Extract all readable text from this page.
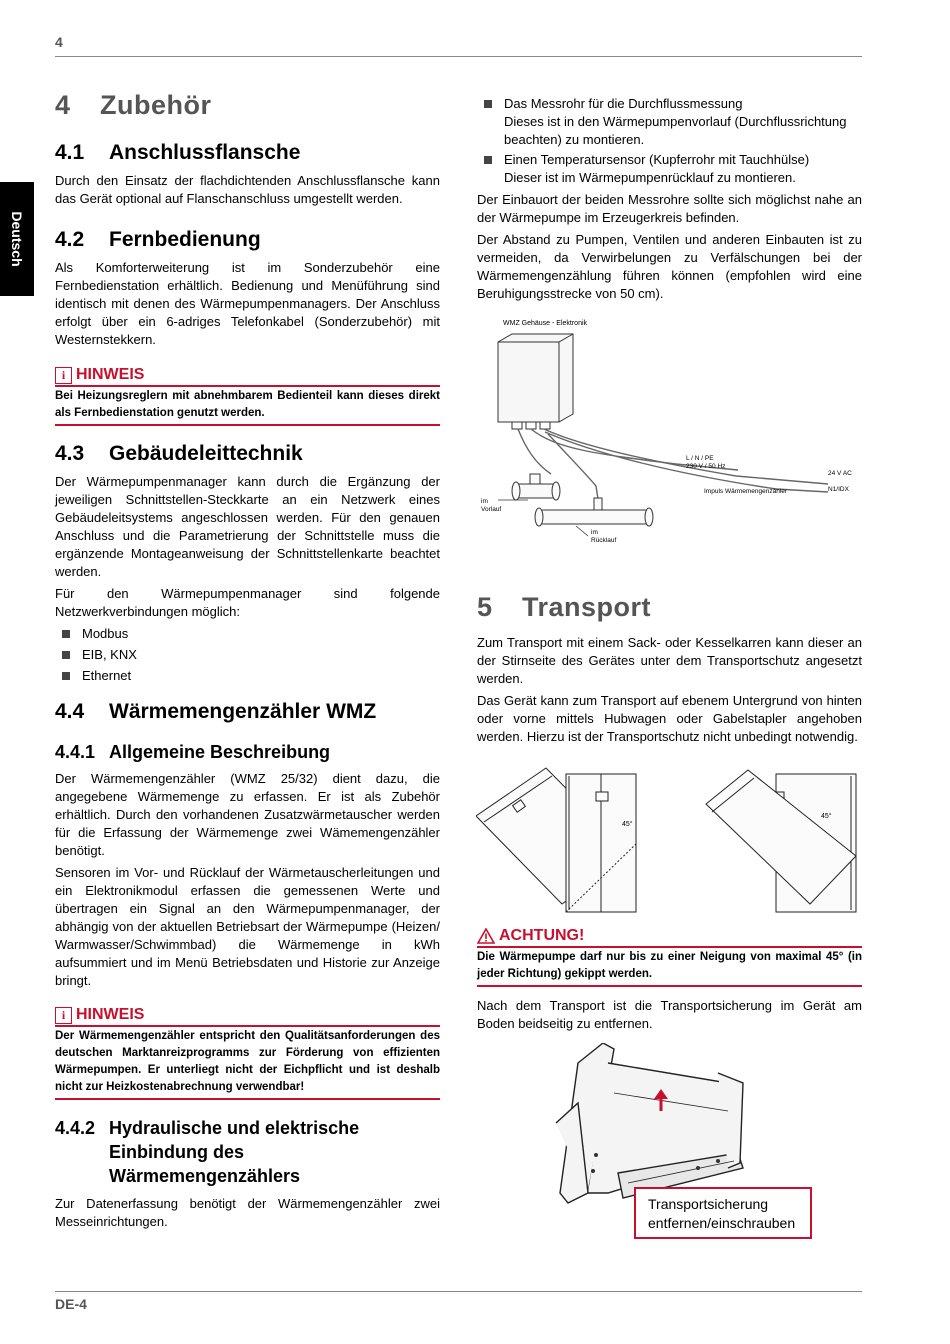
4
Deutsch
4 Zubehör
4.1 Anschlussflansche
Durch den Einsatz der flachdichtenden Anschlussflansche kann das Gerät optional auf Flanschanschluss umgestellt werden.
4.2 Fernbedienung
Als Komforterweiterung ist im Sonderzubehör eine Fernbedienstation erhältlich. Bedienung und Menüführung sind identisch mit denen des Wärmepumpenmanagers. Der Anschluss erfolgt über ein 6-adriges Telefonkabel (Sonderzubehör) mit Westernstekkern.
i HINWEIS
Bei Heizungsreglern mit abnehmbarem Bedienteil kann dieses direkt als Fernbedienstation genutzt werden.
4.3 Gebäudeleittechnik
Der Wärmepumpenmanager kann durch die Ergänzung der jeweiligen Schnittstellen-Steckkarte an ein Netzwerk eines Gebäudeleitsystems angeschlossen werden. Für den genauen Anschluss und die Parametrierung der Schnittstelle muss die ergänzende Montageanweisung der Schnittstellenkarte beachtet werden.
Für den Wärmepumpenmanager sind folgende Netzwerkverbindungen möglich:
Modbus
EIB, KNX
Ethernet
4.4 Wärmemengenzähler WMZ
4.4.1 Allgemeine Beschreibung
Der Wärmemengenzähler (WMZ 25/32) dient dazu, die angegebene Wärmemenge zu erfassen. Er ist als Zubehör erhältlich. Durch den vorhandenen Zusatzwärmetauscher werden für die Erfassung der Wärmemenge zwei Wämemengenzähler benötigt.
Sensoren im Vor- und Rücklauf der Wärmetauscherleitungen und ein Elektronikmodul erfassen die gemessenen Werte und übertragen ein Signal an den Wärmepumpenmanager, der abhängig von der aktuellen Betriebsart der Wärmepumpe (Heizen/ Warmwasser/Schwimmbad) die Wärmemenge in kWh aufsummiert und im Menü Betriebsdaten und Historie zur Anzeige bringt.
i HINWEIS
Der Wärmemengenzähler entspricht den Qualitätsanforderungen des deutschen Marktanreizprogramms zur Förderung von effizienten Wärmepumpen. Er unterliegt nicht der Eichpflicht und ist deshalb nicht zur Heizkostenabrechnung verwendbar!
4.4.2 Hydraulische und elektrische Einbindung des Wärmemengenzählers
Zur Datenerfassung benötigt der Wärmemengenzähler zwei Messeinrichtungen.
Das Messrohr für die Durchflussmessung
Dieses ist in den Wärmepumpenvorlauf (Durchflussrichtung beachten) zu montieren.
Einen Temperatursensor (Kupferrohr mit Tauchhülse)
Dieser ist im Wärmepumpenrücklauf zu montieren.
Der Einbauort der beiden Messrohre sollte sich möglichst nahe an der Wärmepumpe im Erzeugerkreis befinden.
Der Abstand zu Pumpen, Ventilen und anderen Einbauten ist zu vermeiden, da Verwirbelungen zu Verfälschungen bei der Wärmemengenzählung führen können (empfohlen wird eine Beruhigungsstrecke von 50 cm).
WMZ Gehäuse - Elektronik
im
Vorlauf
im
Rücklauf
L / N / PE
230 V / 50 Hz
24 V AC
N1/IDX
Impuls Wärmemengenzähler
5 Transport
Zum Transport mit einem Sack- oder Kesselkarren kann dieser an der Stirnseite des Gerätes unter dem Transportschutz angesetzt werden.
Das Gerät kann zum Transport auf ebenem Untergrund von hinten oder vorne mittels Hubwagen oder Gabelstapler angehoben werden. Hierzu ist der Transportschutz nicht unbedingt notwendig.
45°
45°
ACHTUNG!
Die Wärmepumpe darf nur bis zu einer Neigung von maximal 45° (in jeder Richtung) gekippt werden.
Nach dem Transport ist die Transportsicherung im Gerät am Boden beidseitig zu entfernen.
Transportsicherung
entfernen/einschrauben
DE-4
